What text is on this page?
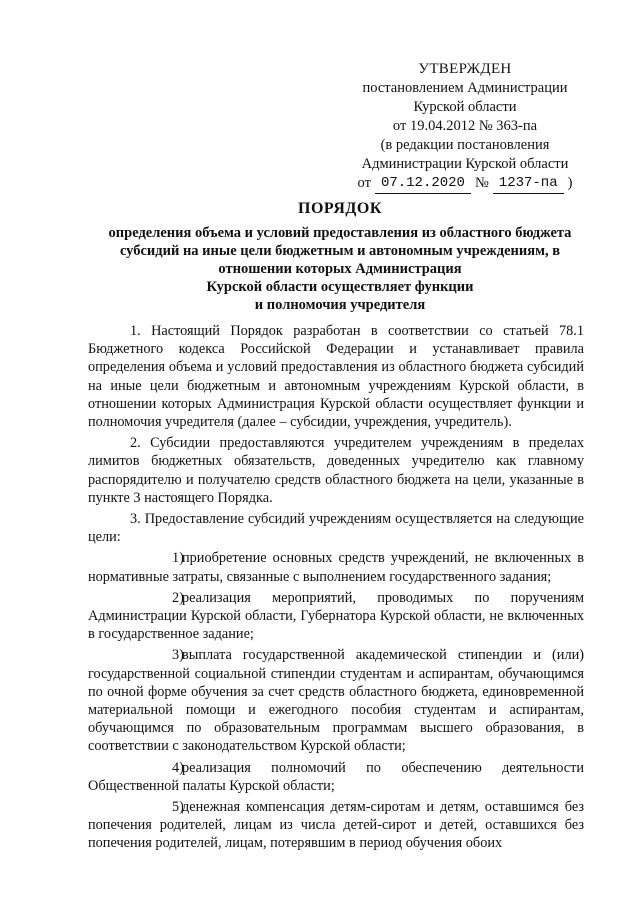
УТВЕРЖДЕН
постановлением Администрации
Курской области
от 19.04.2012 № 363-па
(в редакции постановления
Администрации Курской области
от 07.12.2020 № 1237-па )
ПОРЯДОК
определения объема и условий предоставления из областного бюджета
субсидий на иные цели бюджетным и автономным учреждениям, в
отношении которых Администрация
Курской области осуществляет функции
и полномочия учредителя

1. Настоящий Порядок разработан в соответствии со статьей 78.1 Бюджетного кодекса Российской Федерации и устанавливает правила определения объема и условий предоставления из областного бюджета субсидий на иные цели бюджетным и автономным учреждениям Курской области, в отношении которых Администрация Курской области осуществляет функции и полномочия учредителя (далее – субсидии, учреждения, учредитель).

2. Субсидии предоставляются учредителем учреждениям в пределах лимитов бюджетных обязательств, доведенных учредителю как главному распорядителю и получателю средств областного бюджета на цели, указанные в пункте 3 настоящего Порядка.

3. Предоставление субсидий учреждениям осуществляется на следующие цели:

1)приобретение основных средств учреждений, не включенных в нормативные затраты, связанные с выполнением государственного задания;

2)реализация мероприятий, проводимых по поручениям Администрации Курской области, Губернатора Курской области, не включенных в государственное задание;

3)выплата государственной академической стипендии и (или) государственной социальной стипендии студентам и аспирантам, обучающимся по очной форме обучения за счет средств областного бюджета, единовременной материальной помощи и ежегодного пособия студентам и аспирантам, обучающимся по образовательным программам высшего образования, в соответствии с законодательством Курской области;

4)реализация полномочий по обеспечению деятельности Общественной палаты Курской области;

5)денежная компенсация детям-сиротам и детям, оставшимся без попечения родителей, лицам из числа детей-сирот и детей, оставшихся без попечения родителей, лицам, потерявшим в период обучения обоих
